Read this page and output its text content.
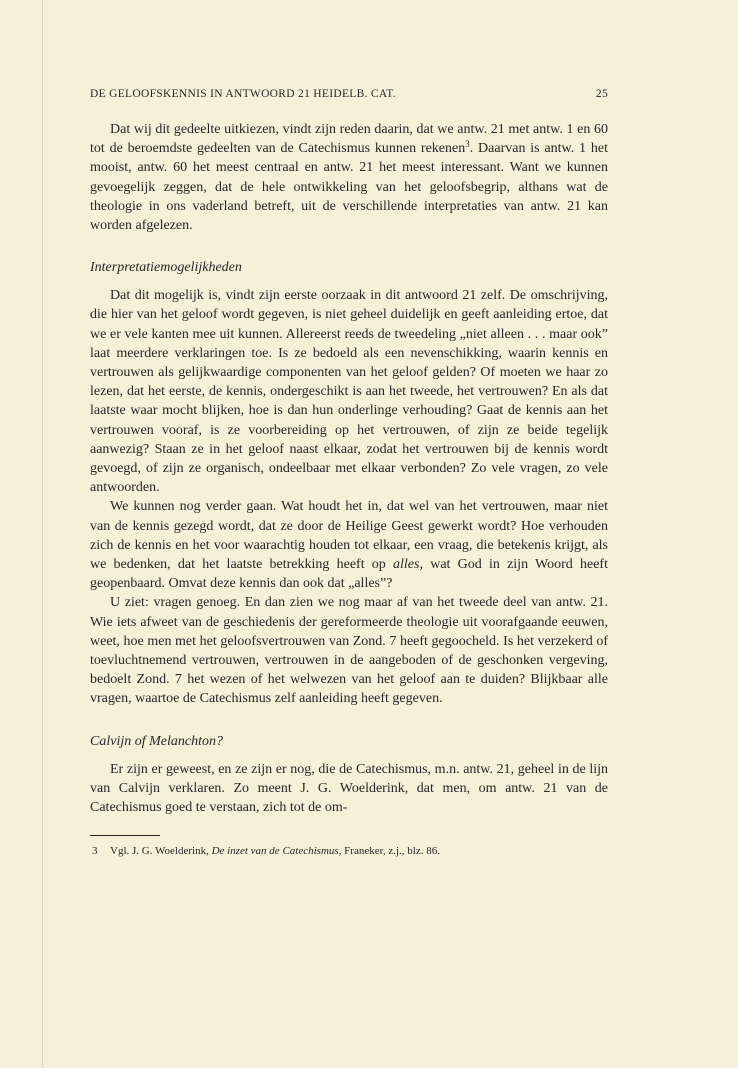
DE GELOOFSKENNIS IN ANTWOORD 21 HEIDELB. CAT.	25

Dat wij dit gedeelte uitkiezen, vindt zijn reden daarin, dat we antw. 21 met antw. 1 en 60 tot de beroemdste gedeelten van de Catechismus kunnen rekenen$^3$. Daarvan is antw. 1 het mooist, antw. 60 het meest centraal en antw. 21 het meest interessant. Want we kunnen gevoegelijk zeggen, dat de hele ontwikkeling van het geloofsbegrip, althans wat de theologie in ons vaderland betreft, uit de verschillende interpretaties van antw. 21 kan worden afgelezen.

Interpretatiemogelijkheden

Dat dit mogelijk is, vindt zijn eerste oorzaak in dit antwoord 21 zelf. De omschrijving, die hier van het geloof wordt gegeven, is niet geheel duidelijk en geeft aanleiding ertoe, dat we er vele kanten mee uit kunnen. Allereerst reeds de tweedeling „niet alleen . . . maar ook” laat meerdere verklaringen toe. Is ze bedoeld als een nevenschikking, waarin kennis en vertrouwen als gelijkwaardige componenten van het geloof gelden? Of moeten we haar zo lezen, dat het eerste, de kennis, ondergeschikt is aan het tweede, het vertrouwen? En als dat laatste waar mocht blijken, hoe is dan hun onderlinge verhouding? Gaat de kennis aan het vertrouwen vooraf, is ze voorbereiding op het vertrouwen, of zijn ze beide tegelijk aanwezig? Staan ze in het geloof naast elkaar, zodat het vertrouwen bij de kennis wordt gevoegd, of zijn ze organisch, ondeelbaar met elkaar verbonden? Zo vele vragen, zo vele antwoorden.

We kunnen nog verder gaan. Wat houdt het in, dat wel van het vertrouwen, maar niet van de kennis gezegd wordt, dat ze door de Heilige Geest gewerkt wordt? Hoe verhouden zich de kennis en het voor waarachtig houden tot elkaar, een vraag, die betekenis krijgt, als we bedenken, dat het laatste betrekking heeft op alles, wat God in zijn Woord heeft geopenbaard. Omvat deze kennis dan ook dat „alles”?

U ziet: vragen genoeg. En dan zien we nog maar af van het tweede deel van antw. 21. Wie iets afweet van de geschiedenis der gereformeerde theologie uit voorafgaande eeuwen, weet, hoe men met het geloofsvertrouwen van Zond. 7 heeft gegoocheld. Is het verzekerd of toevluchtnemend vertrouwen, vertrouwen in de aangeboden of de geschonken vergeving, bedoelt Zond. 7 het wezen of het welwezen van het geloof aan te duiden? Blijkbaar alle vragen, waartoe de Catechismus zelf aanleiding heeft gegeven.

Calvijn of Melanchton?

Er zijn er geweest, en ze zijn er nog, die de Catechismus, m.n. antw. 21, geheel in de lijn van Calvijn verklaren. Zo meent J. G. Woelderink, dat men, om antw. 21 van de Catechismus goed te verstaan, zich tot de om-

3 Vgl. J. G. Woelderink, De inzet van de Catechismus, Franeker, z.j., blz. 86.
